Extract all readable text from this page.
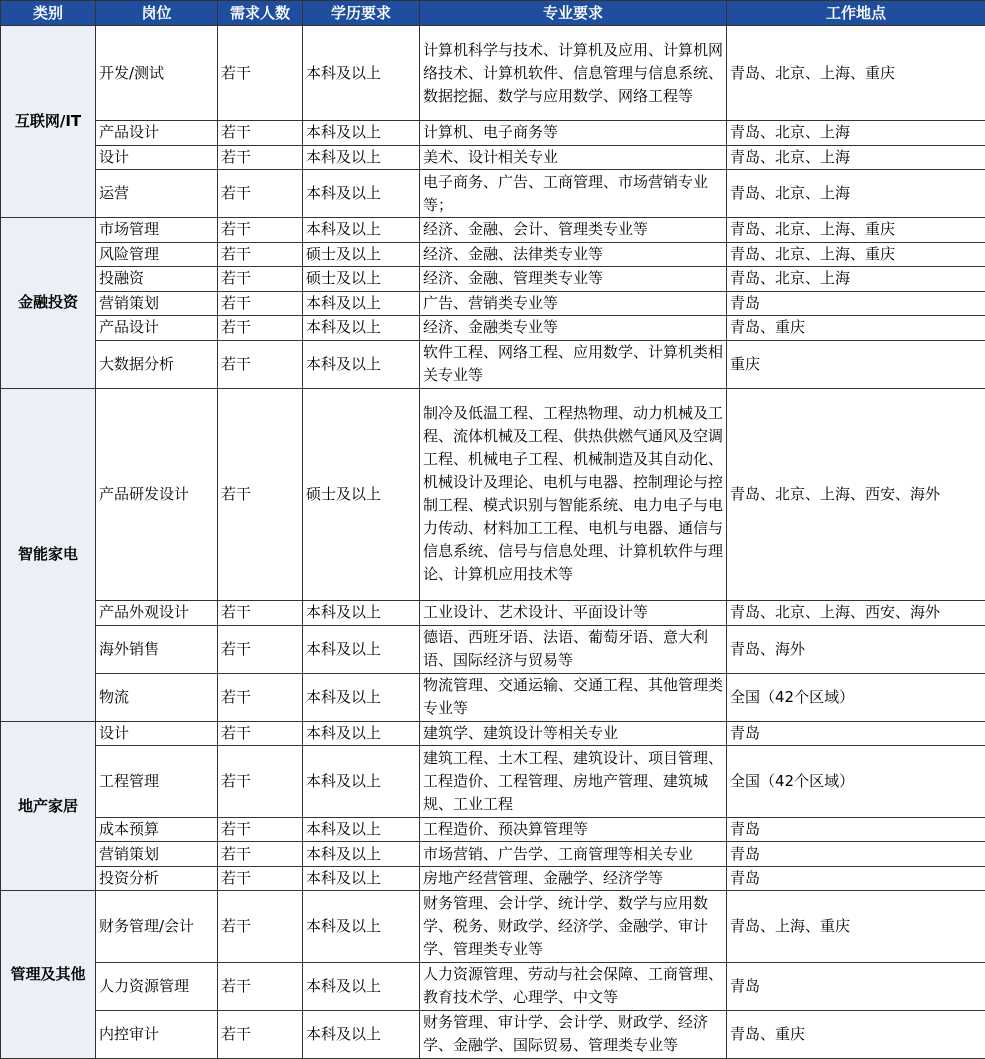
类别	岗位	需求人数	学历要求	专业要求	工作地点
互联网/IT	开发/测试	若干	本科及以上	计算机科学与技术、计算机及应用、计算机网络技术、计算机软件、信息管理与信息系统、数据挖掘、数学与应用数学、网络工程等	青岛、北京、上海、重庆
	产品设计	若干	本科及以上	计算机、电子商务等	青岛、北京、上海
	设计	若干	本科及以上	美术、设计相关专业	青岛、北京、上海
	运营	若干	本科及以上	电子商务、广告、工商管理、市场营销专业等；	青岛、北京、上海
金融投资	市场管理	若干	本科及以上	经济、金融、会计、管理类专业等	青岛、北京、上海、重庆
	风险管理	若干	硕士及以上	经济、金融、法律类专业等	青岛、北京、上海、重庆
	投融资	若干	硕士及以上	经济、金融、管理类专业等	青岛、北京、上海
	营销策划	若干	本科及以上	广告、营销类专业等	青岛
	产品设计	若干	本科及以上	经济、金融类专业等	青岛、重庆
	大数据分析	若干	本科及以上	软件工程、网络工程、应用数学、计算机类相关专业等	重庆
智能家电	产品研发设计	若干	硕士及以上	制冷及低温工程、工程热物理、动力机械及工程、流体机械及工程、供热供燃气通风及空调工程、机械电子工程、机械制造及其自动化、机械设计及理论、电机与电器、控制理论与控制工程、模式识别与智能系统、电力电子与电力传动、材料加工工程、电机与电器、通信与信息系统、信号与信息处理、计算机软件与理论、计算机应用技术等	青岛、北京、上海、西安、海外
	产品外观设计	若干	本科及以上	工业设计、艺术设计、平面设计等	青岛、北京、上海、西安、海外
	海外销售	若干	本科及以上	德语、西班牙语、法语、葡萄牙语、意大利语、国际经济与贸易等	青岛、海外
	物流	若干	本科及以上	物流管理、交通运输、交通工程、其他管理类专业等	全国（42个区域）
地产家居	设计	若干	本科及以上	建筑学、建筑设计等相关专业	青岛
	工程管理	若干	本科及以上	建筑工程、土木工程、建筑设计、项目管理、工程造价、工程管理、房地产管理、建筑城规、工业工程	全国（42个区域）
	成本预算	若干	本科及以上	工程造价、预决算管理等	青岛
	营销策划	若干	本科及以上	市场营销、广告学、工商管理等相关专业	青岛
	投资分析	若干	本科及以上	房地产经营管理、金融学、经济学等	青岛
管理及其他	财务管理/会计	若干	本科及以上	财务管理、会计学、统计学、数学与应用数学、税务、财政学、经济学、金融学、审计学、管理类专业等	青岛、上海、重庆
	人力资源管理	若干	本科及以上	人力资源管理、劳动与社会保障、工商管理、教育技术学、心理学、中文等	青岛
	内控审计	若干	本科及以上	财务管理、审计学、会计学、财政学、经济学、金融学、国际贸易、管理类专业等	青岛、重庆
